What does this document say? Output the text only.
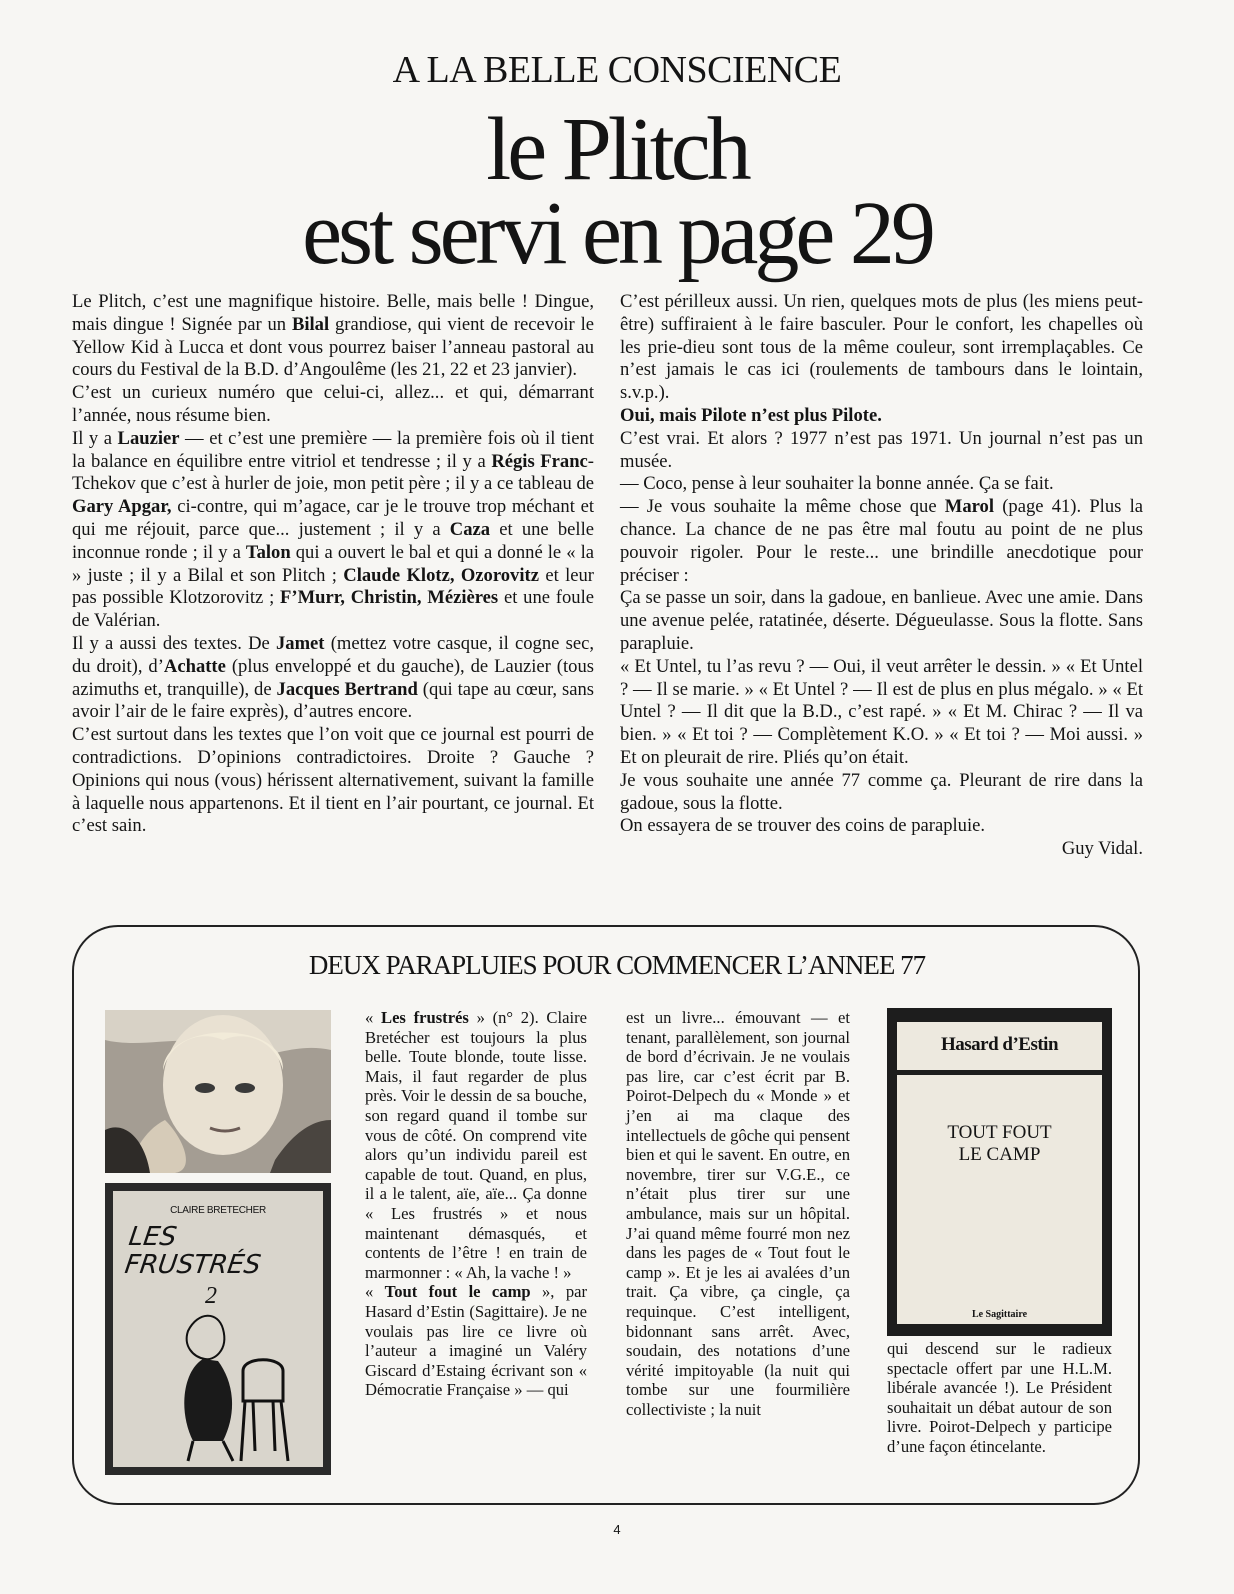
A LA BELLE CONSCIENCE
le Plitch
est servi en page 29

Le Plitch, c’est une magnifique histoire. Belle, mais belle ! Dingue, mais dingue ! Signée par un Bilal grandiose, qui vient de recevoir le Yellow Kid à Lucca et dont vous pourrez baiser l’anneau pastoral au cours du Festival de la B.D. d’Angoulême (les 21, 22 et 23 janvier).

C’est un curieux numéro que celui-ci, allez... et qui, démarrant l’année, nous résume bien.

Il y a Lauzier — et c’est une première — la première fois où il tient la balance en équilibre entre vitriol et tendresse ; il y a Régis Franc-Tchekov que c’est à hurler de joie, mon petit père ; il y a ce tableau de Gary Apgar, ci-contre, qui m’agace, car je le trouve trop méchant et qui me réjouit, parce que... justement ; il y a Caza et une belle inconnue ronde ; il y a Talon qui a ouvert le bal et qui a donné le « la » juste ; il y a Bilal et son Plitch ; Claude Klotz, Ozorovitz et leur pas possible Klotzorovitz ; F’Murr, Christin, Mézières et une foule de Valérian.

Il y a aussi des textes. De Jamet (mettez votre casque, il cogne sec, du droit), d’Achatte (plus enveloppé et du gauche), de Lauzier (tous azimuths et, tranquille), de Jacques Bertrand (qui tape au cœur, sans avoir l’air de le faire exprès), d’autres encore.

C’est surtout dans les textes que l’on voit que ce journal est pourri de contradictions. D’opinions contradictoires. Droite ? Gauche ? Opinions qui nous (vous) hérissent alternativement, suivant la famille à laquelle nous appartenons. Et il tient en l’air pourtant, ce journal. Et c’est sain.

C’est périlleux aussi. Un rien, quelques mots de plus (les miens peut-être) suffiraient à le faire basculer. Pour le confort, les chapelles où les prie-dieu sont tous de la même couleur, sont irremplaçables. Ce n’est jamais le cas ici (roulements de tambours dans le lointain, s.v.p.).

Oui, mais Pilote n’est plus Pilote.

C’est vrai. Et alors ? 1977 n’est pas 1971. Un journal n’est pas un musée.

— Coco, pense à leur souhaiter la bonne année. Ça se fait.

— Je vous souhaite la même chose que Marol (page 41). Plus la chance. La chance de ne pas être mal foutu au point de ne plus pouvoir rigoler. Pour le reste... une brindille anecdotique pour préciser :

Ça se passe un soir, dans la gadoue, en banlieue. Avec une amie. Dans une avenue pelée, ratatinée, déserte. Dégueulasse. Sous la flotte. Sans parapluie.

« Et Untel, tu l’as revu ? — Oui, il veut arrêter le dessin. » « Et Untel ? — Il se marie. » « Et Untel ? — Il est de plus en plus mégalo. » « Et Untel ? — Il dit que la B.D., c’est rapé. » « Et M. Chirac ? — Il va bien. » « Et toi ? — Complètement K.O. » « Et toi ? — Moi aussi. » Et on pleurait de rire. Pliés qu’on était.

Je vous souhaite une année 77 comme ça. Pleurant de rire dans la gadoue, sous la flotte.

On essayera de se trouver des coins de parapluie.

Guy Vidal.

DEUX PARAPLUIES POUR COMMENCER L’ANNEE 77
CLAIRE BRETECHER
LES
FRUSTRÉS
2

« Les frustrés » (n° 2). Claire Bretécher est toujours la plus belle. Toute blonde, toute lisse. Mais, il faut regarder de plus près. Voir le dessin de sa bouche, son regard quand il tombe sur vous de côté. On comprend vite alors qu’un individu pareil est capable de tout. Quand, en plus, il a le talent, aïe, aïe... Ça donne « Les frustrés » et nous maintenant démasqués, et contents de l’être ! en train de marmonner : « Ah, la vache ! »

« Tout fout le camp », par Hasard d’Estin (Sagittaire). Je ne voulais pas lire ce livre où l’auteur a imaginé un Valéry Giscard d’Estaing écrivant son « Démocratie Française » — qui

est un livre... émouvant — et tenant, parallèlement, son journal de bord d’écrivain. Je ne voulais pas lire, car c’est écrit par B. Poirot-Delpech du « Monde » et j’en ai ma claque des intellectuels de gôche qui pensent bien et qui le savent. En outre, en novembre, tirer sur V.G.E., ce n’était plus tirer sur une ambulance, mais sur un hôpital. J’ai quand même fourré mon nez dans les pages de « Tout fout le camp ». Et je les ai avalées d’un trait. Ça vibre, ça cingle, ça requinque. C’est intelligent, bidonnant sans arrêt. Avec, soudain, des notations d’une vérité impitoyable (la nuit qui tombe sur une fourmilière collectiviste ; la nuit

Hasard d’Estin
TOUT FOUT
LE CAMP
Le Sagittaire

qui descend sur le radieux spectacle offert par une H.L.M. libérale avancée !). Le Président souhaitait un débat autour de son livre. Poirot-Delpech y participe d’une façon étincelante.

4
